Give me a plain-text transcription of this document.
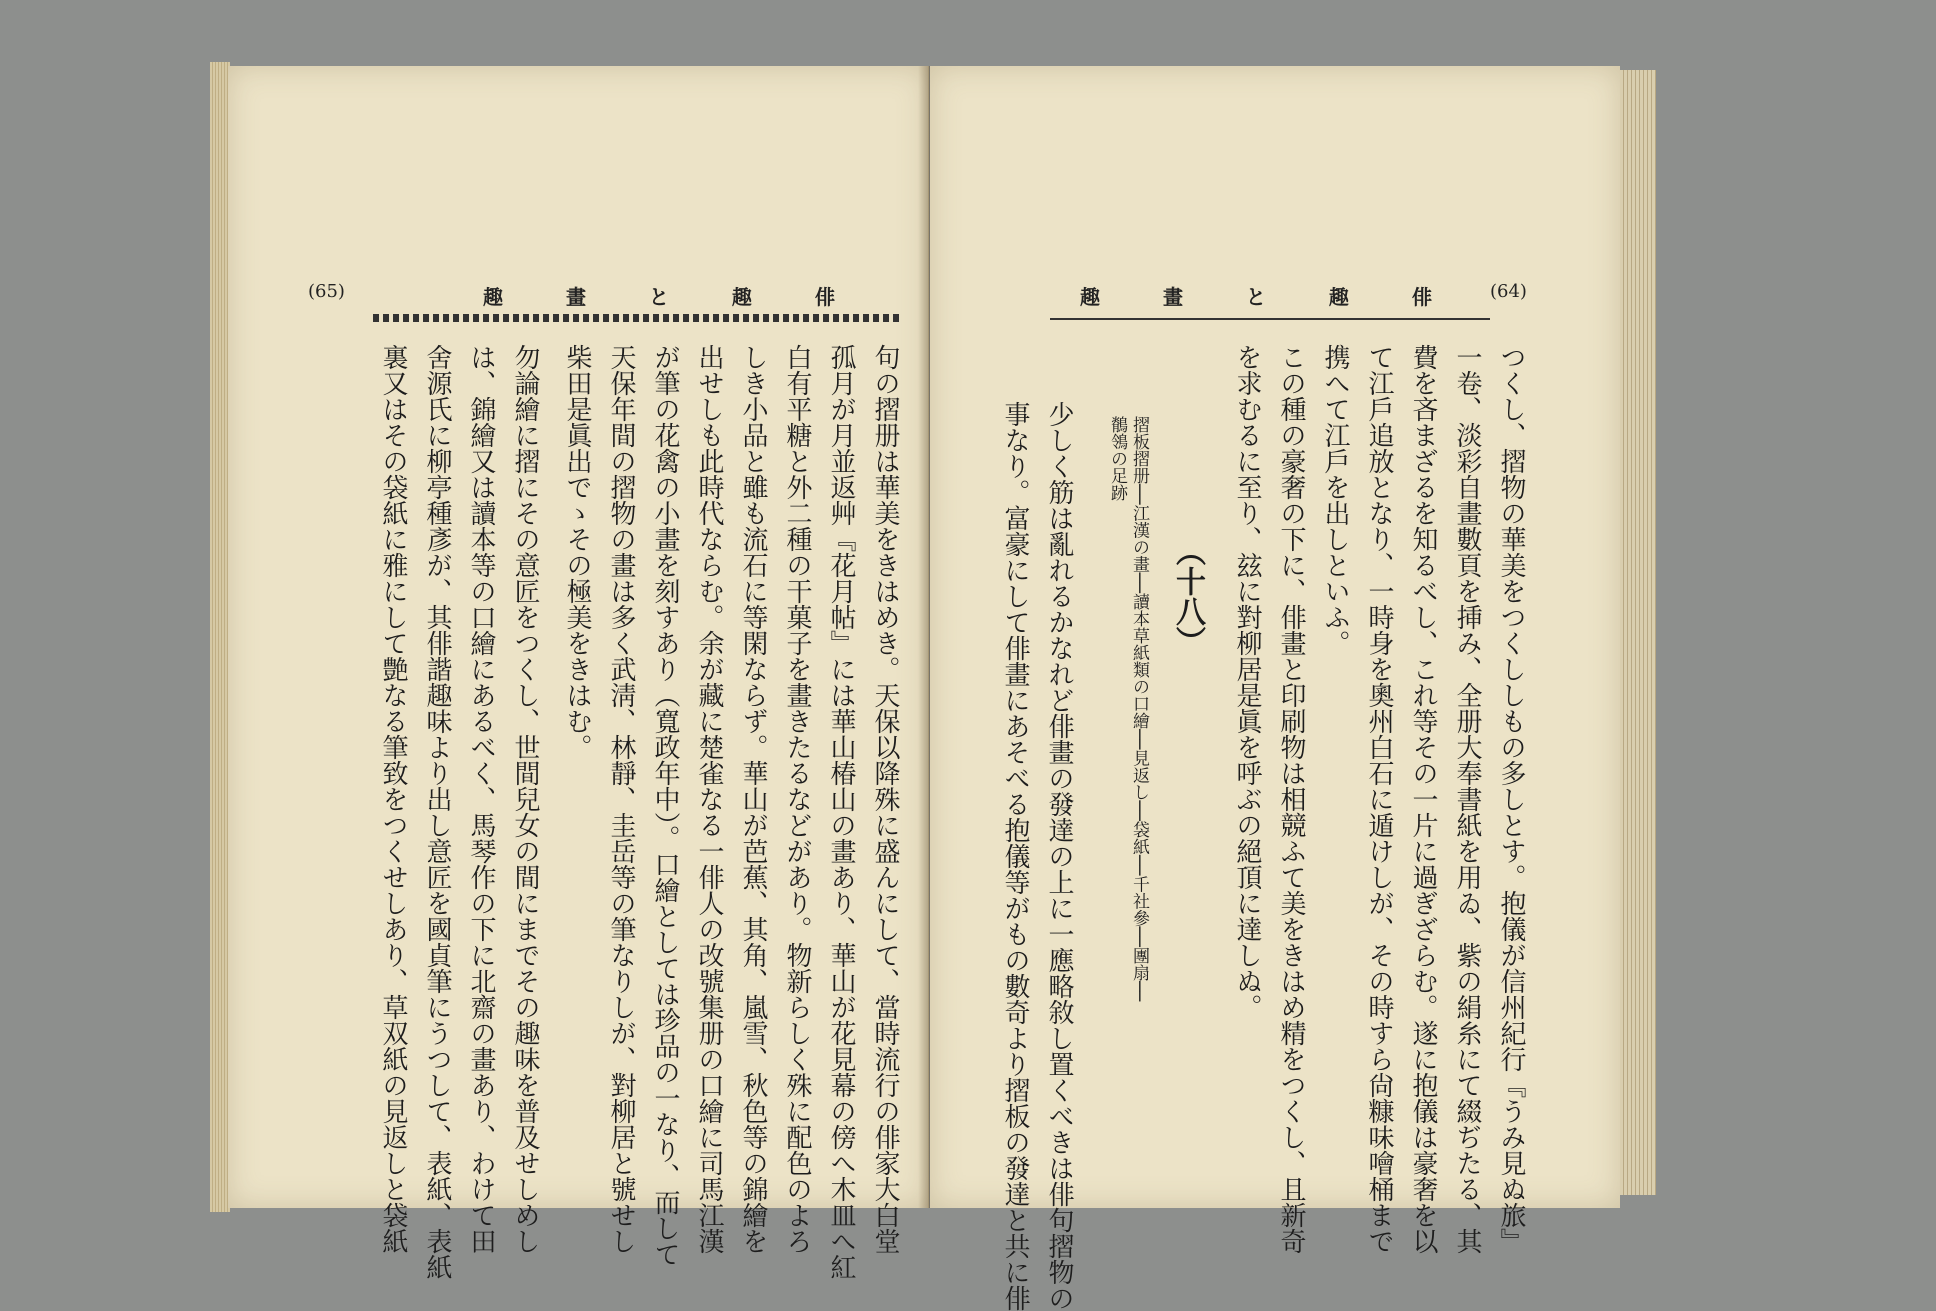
(65)	趣 畫 と 趣 俳
句の摺册は華美をきはめき。天保以降殊に盛んにして、當時流行の俳家大白堂
孤月が月並返艸『花月帖』には華山椿山の畫あり、華山が花見幕の傍へ木皿へ紅
白有平糖と外二種の干菓子を畫きたるなどがあり。物新らしく殊に配色のよろ
しき小品と雖も流石に等閑ならず。華山が芭蕉、其角、嵐雪、秋色等の錦繪を
出せしも此時代ならむ。余が藏に楚雀なる一俳人の改號集册の口繪に司馬江漢
が筆の花禽の小畫を刻すあり（寬政年中）。口繪としては珍品の一なり、而して
天保年間の摺物の畫は多く武淸、林靜、圭岳等の筆なりしが、對柳居と號せし
柴田是眞出でゝその極美をきはむ。
勿論繪に摺にその意匠をつくし、世間兒女の間にまでその趣味を普及せしめし
は、錦繪又は讀本等の口繪にあるべく、馬琴作の下に北齋の畫あり、わけて田
舍源氏に柳亭種彥が、其俳諧趣味より出し意匠を國貞筆にうつして、表紙、表紙
裏又はその袋紙に雅にして艶なる筆致をつくせしあり、草双紙の見返しと袋紙
趣 畫 と 趣 俳 (64)
つくし、摺物の華美をつくししもの多しとす。抱儀が信州紀行『うみ見ぬ旅』
一卷、淡彩自畫數頁を挿み、全册大奉書紙を用ゐ、紫の絹糸にて綴ぢたる、其
費を吝まざるを知るべし、これ等その一片に過ぎざらむ。遂に抱儀は豪奢を以
て江戶追放となり、一時身を奧州白石に遁けしが、その時すら尙糠味噲桶まで
携へて江戶を出しといふ。
この種の豪奢の下に、俳畫と印刷物は相競ふて美をきはめ精をつくし、且新奇
を求むるに至り、玆に對柳居是眞を呼ぶの絕頂に達しぬ。
（十八）
摺板摺册──江漢の畫──讀本草紙類の口繪──見返し──袋紙──千社參──團扇──
鶺鴒の足跡
少しく筋は亂れるかなれど俳畫の發達の上に一應略敘し置くべきは俳句摺物の
事なり。富豪にして俳畫にあそべる抱儀等がもの數奇より摺板の發達と共に俳
